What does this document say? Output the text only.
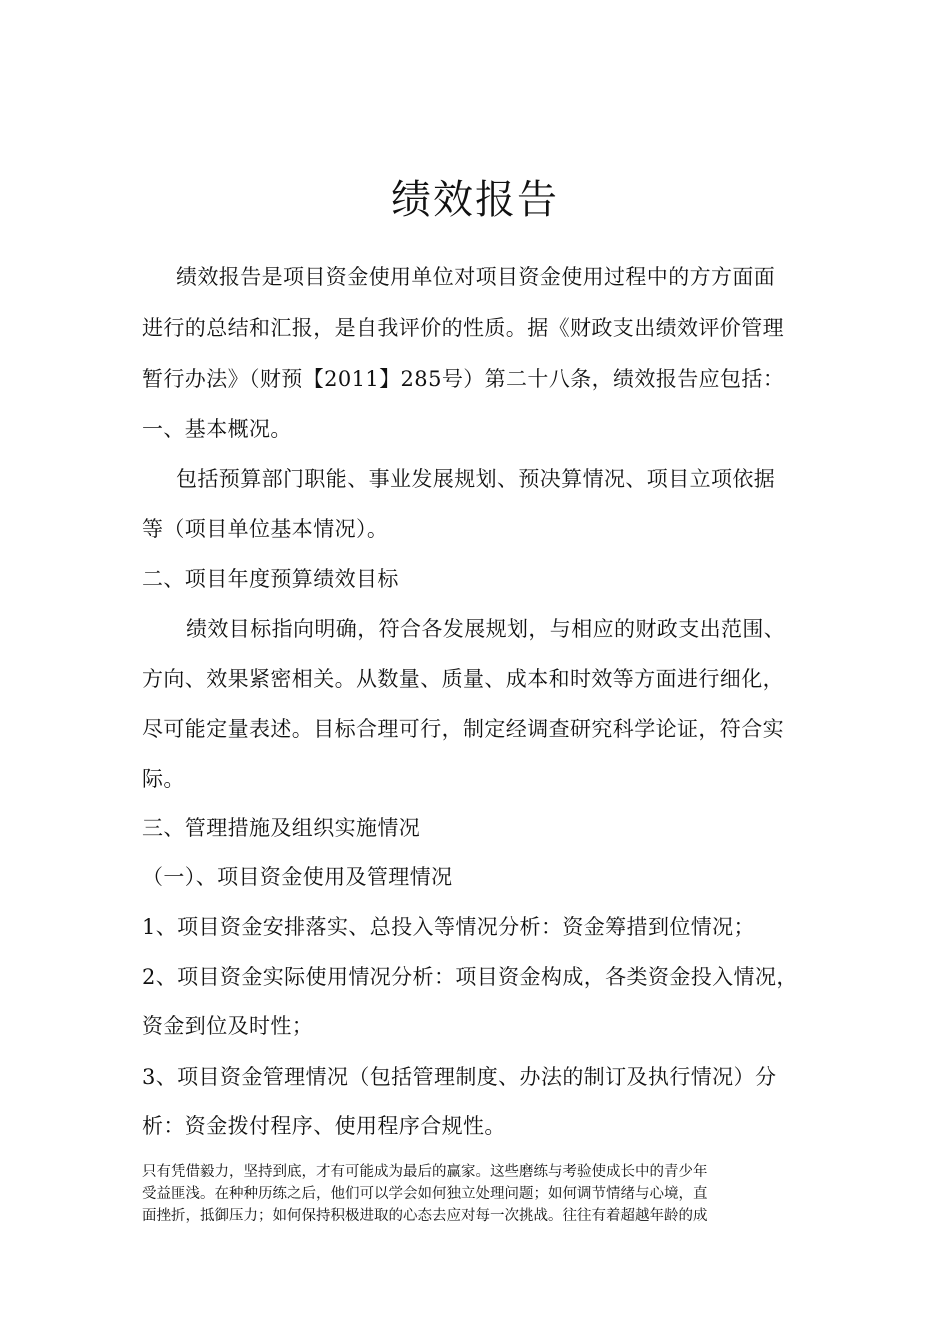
绩效报告
绩效报告是项目资金使用单位对项目资金使用过程中的方方面面
进行的总结和汇报，是自我评价的性质。据《财政支出绩效评价管理
暂行办法》（财预【2011】285号）第二十八条，绩效报告应包括：
一、基本概况。
包括预算部门职能、事业发展规划、预决算情况、项目立项依据
等（项目单位基本情况）。
二、项目年度预算绩效目标
绩效目标指向明确，符合各发展规划，与相应的财政支出范围、
方向、效果紧密相关。从数量、质量、成本和时效等方面进行细化，
尽可能定量表述。目标合理可行，制定经调查研究科学论证，符合实
际。
三、管理措施及组织实施情况
（一）、项目资金使用及管理情况
1、项目资金安排落实、总投入等情况分析：资金筹措到位情况；
2、项目资金实际使用情况分析：项目资金构成，各类资金投入情况，
资金到位及时性；
3、项目资金管理情况（包括管理制度、办法的制订及执行情况）分
析：资金拨付程序、使用程序合规性。
只有凭借毅力，坚持到底，才有可能成为最后的赢家。这些磨练与考验使成长中的青少年
受益匪浅。在种种历练之后，他们可以学会如何独立处理问题；如何调节情绪与心境，直
面挫折，抵御压力；如何保持积极进取的心态去应对每一次挑战。往往有着超越年龄的成
